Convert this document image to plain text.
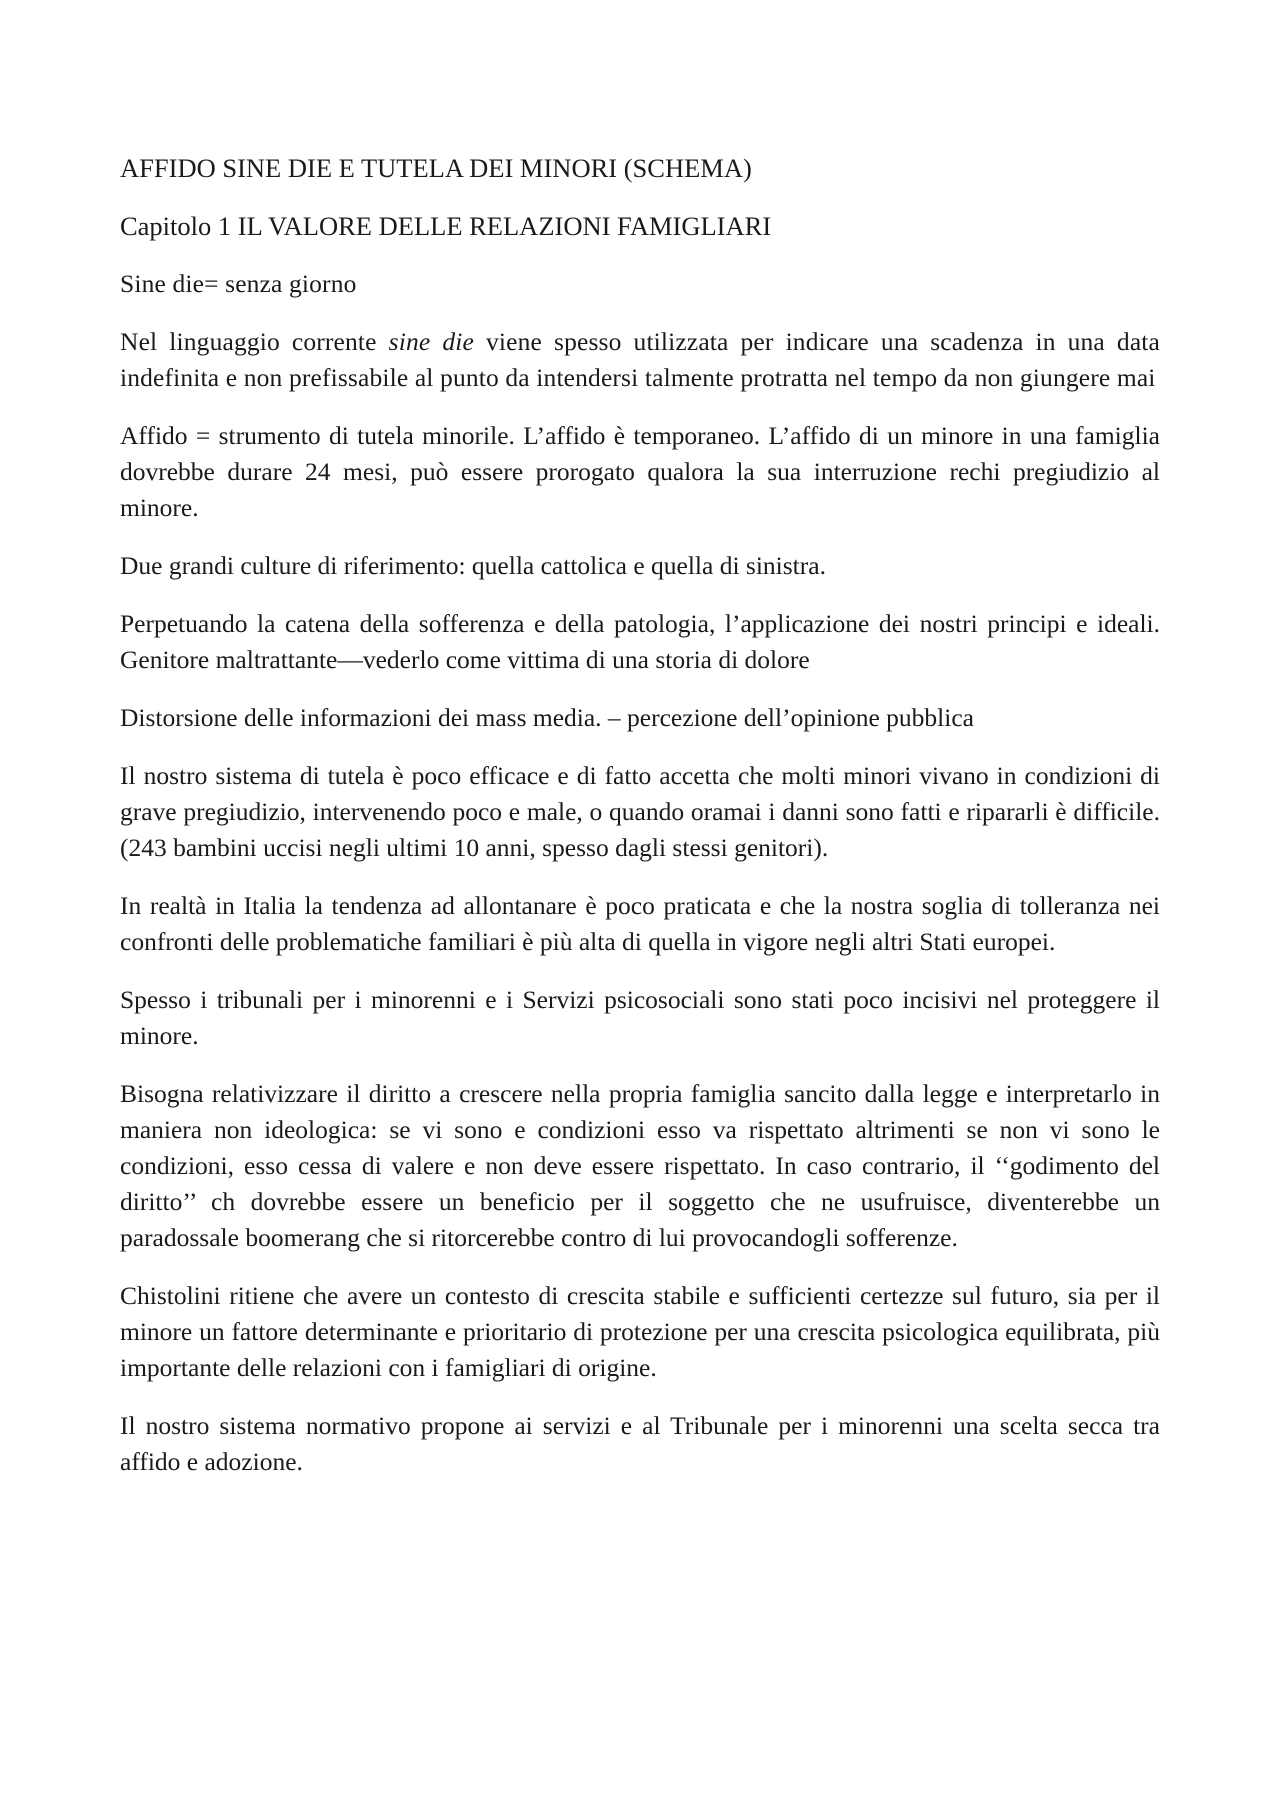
AFFIDO SINE DIE E TUTELA DEI MINORI (SCHEMA)

Capitolo 1 IL VALORE DELLE RELAZIONI FAMIGLIARI

Sine die= senza giorno

Nel linguaggio corrente sine die viene spesso utilizzata per indicare una scadenza in una data indefinita e non prefissabile al punto da intendersi talmente protratta nel tempo da non giungere mai

Affido = strumento di tutela minorile. L’affido è temporaneo. L’affido di un minore in una famiglia dovrebbe durare 24 mesi, può essere prorogato qualora la sua interruzione rechi pregiudizio al minore.

Due grandi culture di riferimento: quella cattolica e quella di sinistra.

Perpetuando la catena della sofferenza e della patologia, l’applicazione dei nostri principi e ideali. Genitore maltrattante—vederlo come vittima di una storia di dolore

Distorsione delle informazioni dei mass media. – percezione dell’opinione pubblica

Il nostro sistema di tutela è poco efficace e di fatto accetta che molti minori vivano in condizioni di grave pregiudizio, intervenendo poco e male, o quando oramai i danni sono fatti e ripararli è difficile. (243 bambini uccisi negli ultimi 10 anni, spesso dagli stessi genitori).

In realtà in Italia la tendenza ad allontanare è poco praticata e che la nostra soglia di tolleranza nei confronti delle problematiche familiari è più alta di quella in vigore negli altri Stati europei.

Spesso i tribunali per i minorenni e i Servizi psicosociali sono stati poco incisivi nel proteggere il minore.

Bisogna relativizzare il diritto a crescere nella propria famiglia sancito dalla legge e interpretarlo in maniera non ideologica: se vi sono e condizioni esso va rispettato altrimenti se non vi sono le condizioni, esso cessa di valere e non deve essere rispettato. In caso contrario, il ‘‘godimento del diritto’’ ch dovrebbe essere un beneficio per il soggetto che ne usufruisce, diventerebbe un paradossale boomerang che si ritorcerebbe contro di lui provocandogli sofferenze.

Chistolini ritiene che avere un contesto di crescita stabile e sufficienti certezze sul futuro, sia per il minore un fattore determinante e prioritario di protezione per una crescita psicologica equilibrata, più importante delle relazioni con i famigliari di origine.

Il nostro sistema normativo propone ai servizi e al Tribunale per i minorenni una scelta secca tra affido e adozione.
